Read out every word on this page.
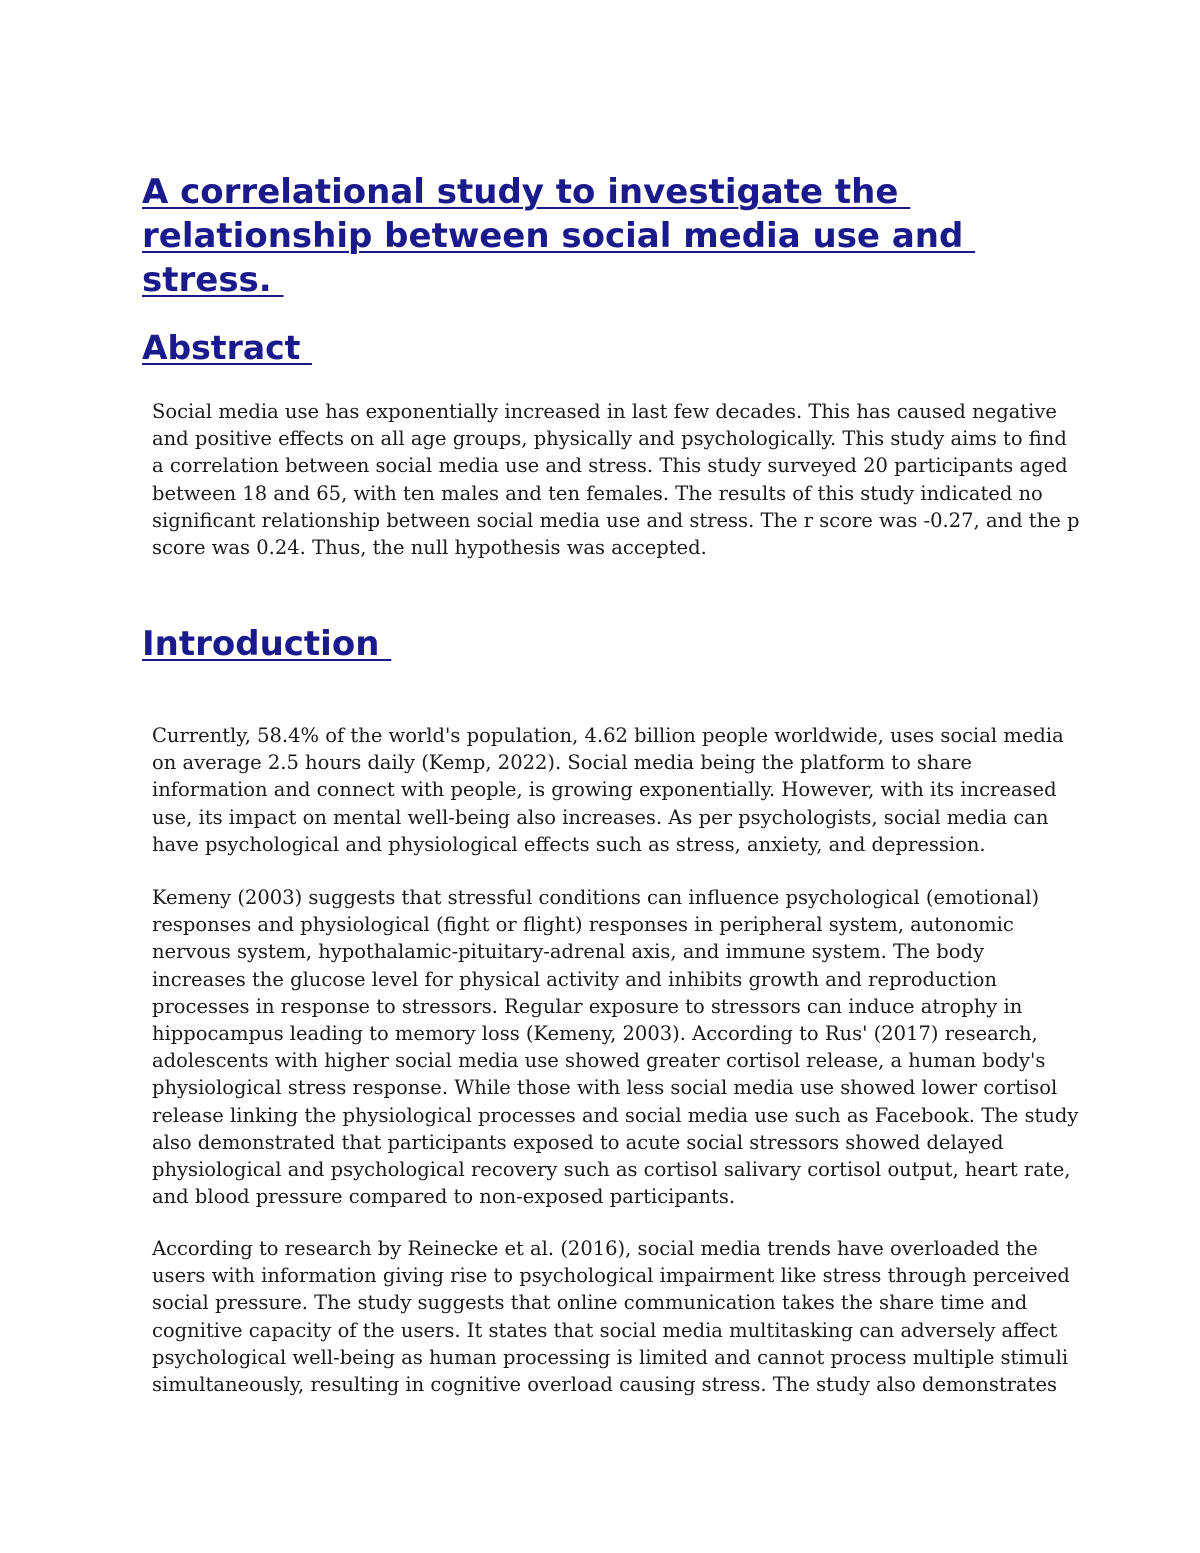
A correlational study to investigate the
relationship between social media use and
stress.
Abstract

Social media use has exponentially increased in last few decades. This has caused negative
and positive effects on all age groups, physically and psychologically. This study aims to find
a correlation between social media use and stress. This study surveyed 20 participants aged
between 18 and 65, with ten males and ten females. The results of this study indicated no
significant relationship between social media use and stress. The r score was -0.27, and the p
score was 0.24. Thus, the null hypothesis was accepted.

Introduction

Currently, 58.4% of the world's population, 4.62 billion people worldwide, uses social media
on average 2.5 hours daily (Kemp, 2022). Social media being the platform to share
information and connect with people, is growing exponentially. However, with its increased
use, its impact on mental well-being also increases. As per psychologists, social media can
have psychological and physiological effects such as stress, anxiety, and depression.

Kemeny (2003) suggests that stressful conditions can influence psychological (emotional)
responses and physiological (fight or flight) responses in peripheral system, autonomic
nervous system, hypothalamic-pituitary-adrenal axis, and immune system. The body
increases the glucose level for physical activity and inhibits growth and reproduction
processes in response to stressors. Regular exposure to stressors can induce atrophy in
hippocampus leading to memory loss (Kemeny, 2003). According to Rus' (2017) research,
adolescents with higher social media use showed greater cortisol release, a human body's
physiological stress response. While those with less social media use showed lower cortisol
release linking the physiological processes and social media use such as Facebook. The study
also demonstrated that participants exposed to acute social stressors showed delayed
physiological and psychological recovery such as cortisol salivary cortisol output, heart rate,
and blood pressure compared to non-exposed participants.

According to research by Reinecke et al. (2016), social media trends have overloaded the
users with information giving rise to psychological impairment like stress through perceived
social pressure. The study suggests that online communication takes the share time and
cognitive capacity of the users. It states that social media multitasking can adversely affect
psychological well-being as human processing is limited and cannot process multiple stimuli
simultaneously, resulting in cognitive overload causing stress. The study also demonstrates
